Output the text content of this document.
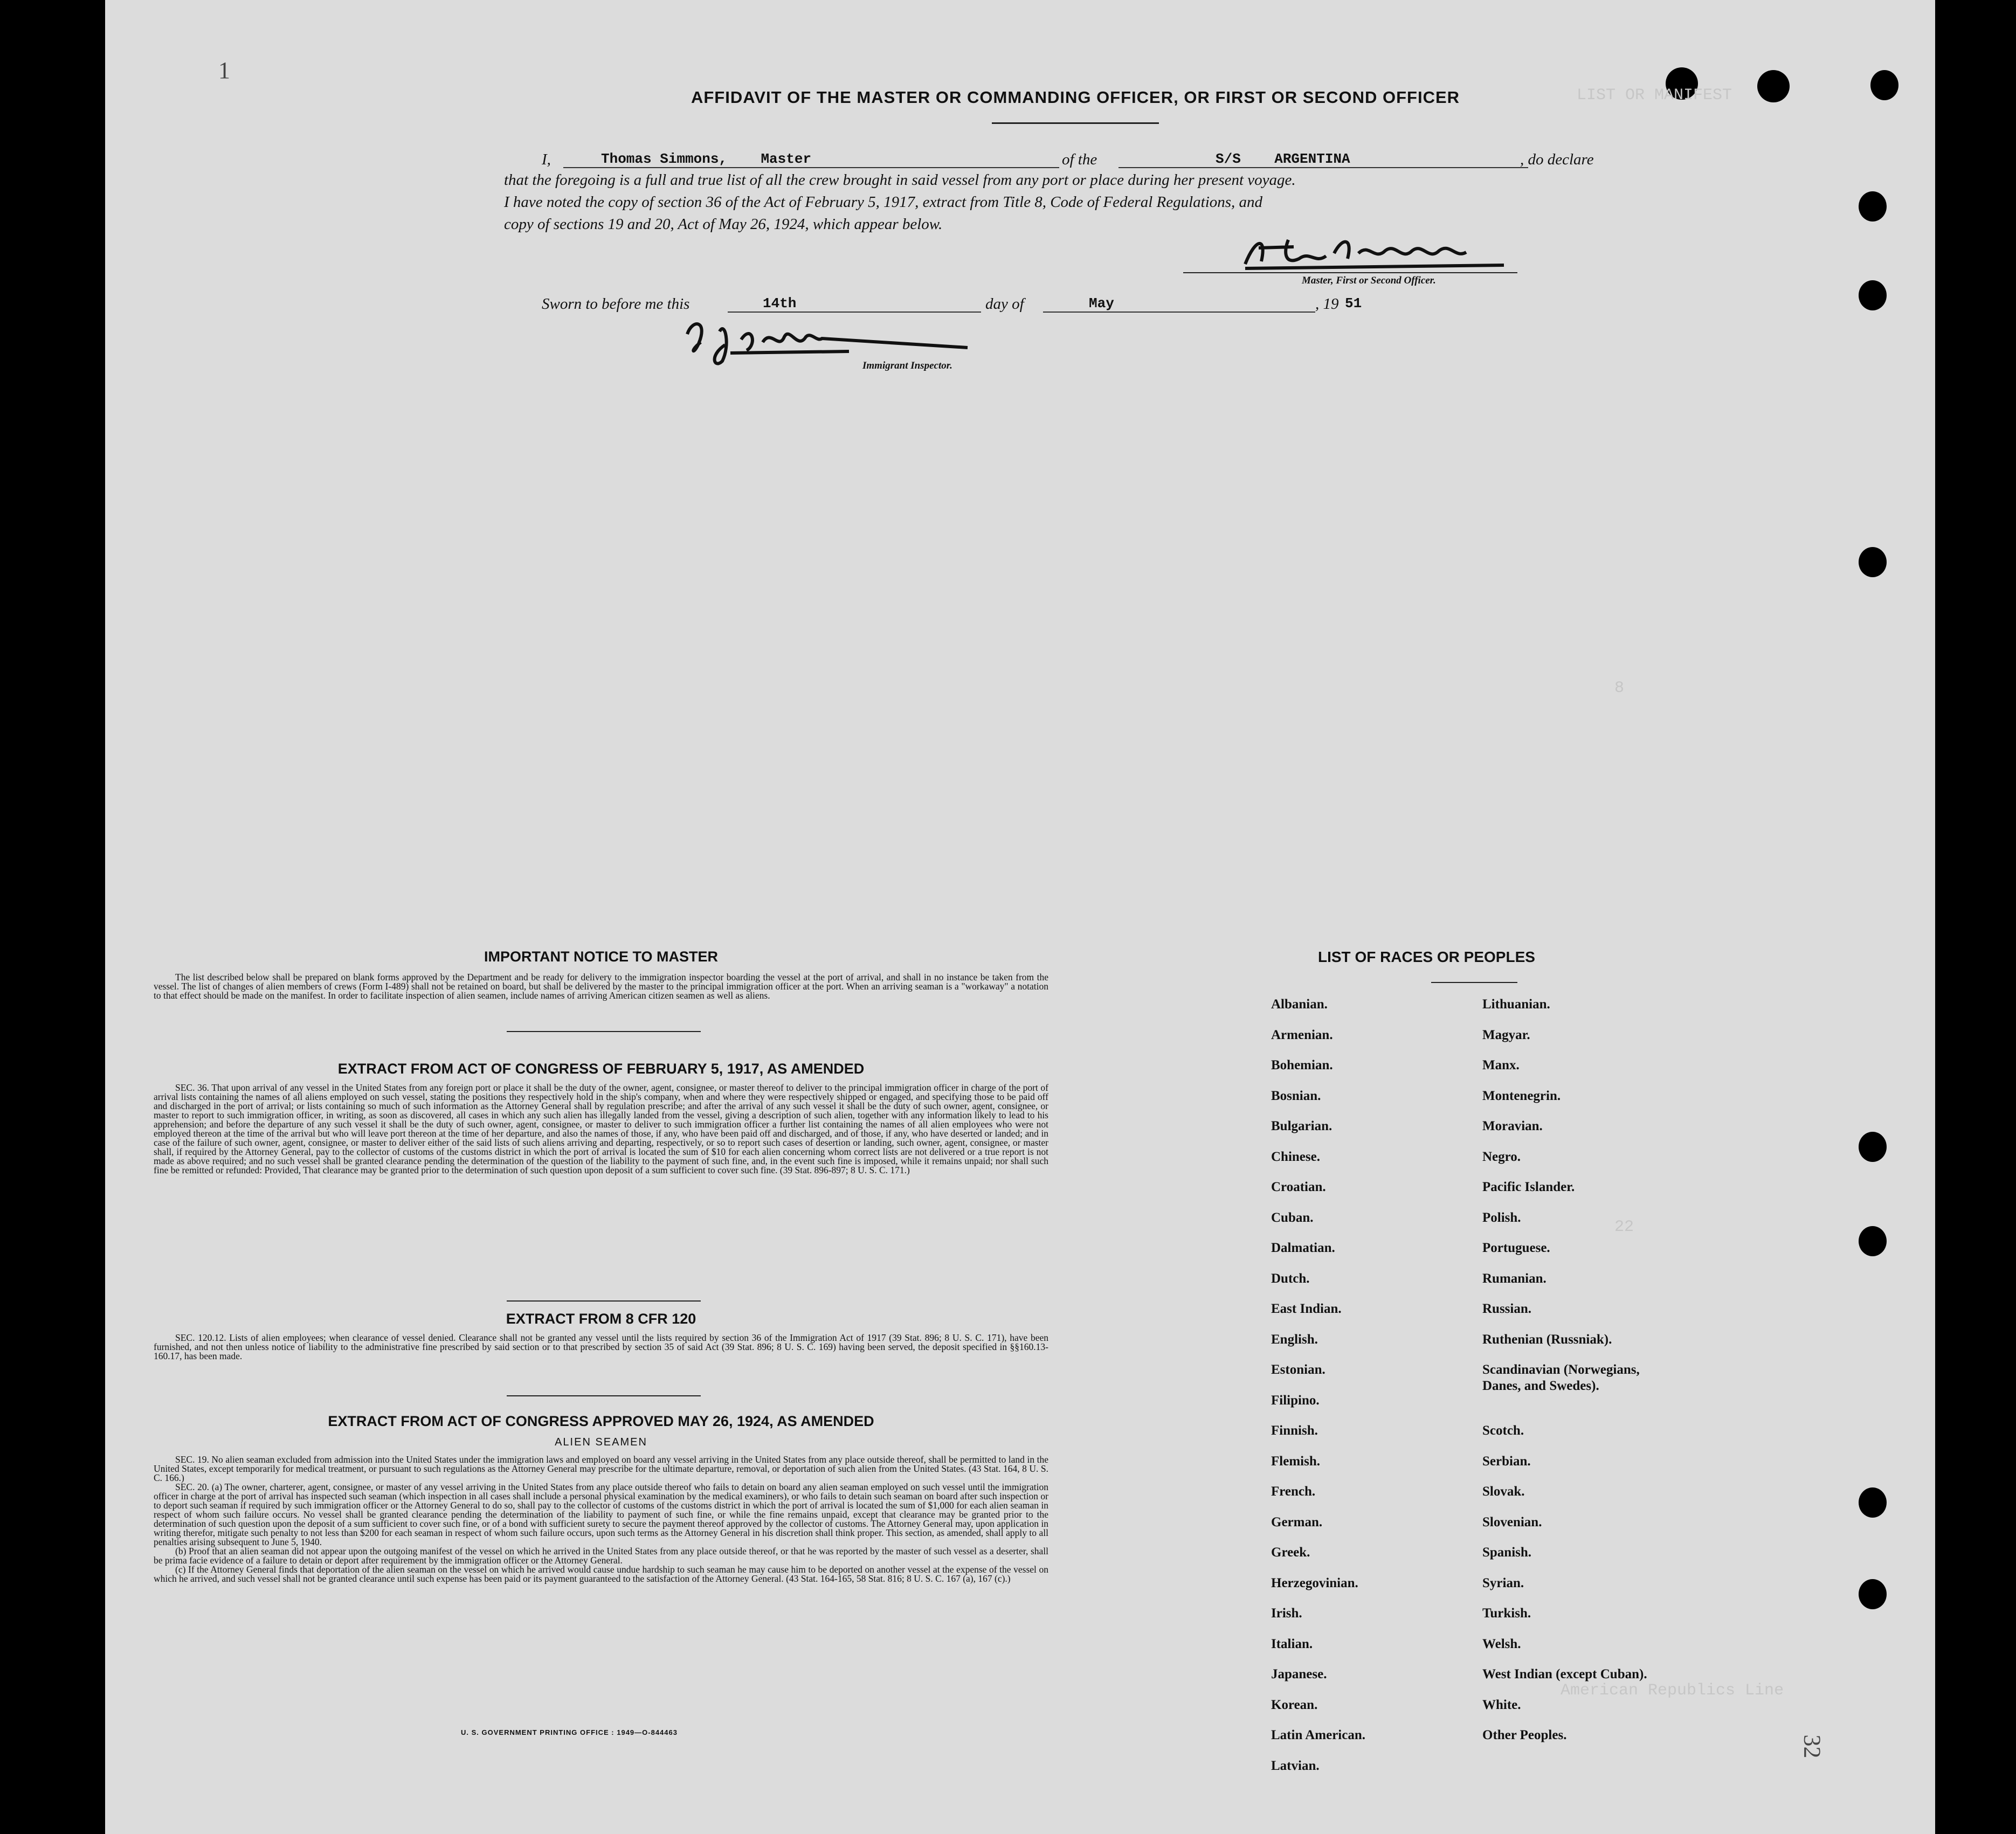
LIST OR MANIFEST
8
22
American Republics Line
1
32
AFFIDAVIT OF THE MASTER OR COMMANDING OFFICER, OR FIRST OR SECOND OFFICER
I,	Thomas Simmons,    Master	of the	S/S    ARGENTINA	, do declare
that the foregoing is a full and true list of all the crew brought in said vessel from any port or place during her present voyage.
I have noted the copy of section 36 of the Act of February 5, 1917, extract from Title 8, Code of Federal Regulations, and
copy of sections 19 and 20, Act of May 26, 1924, which appear below.
Master, First or Second Officer.
Sworn to before me this	14th	day of	May	, 19 51
Immigrant Inspector.
IMPORTANT NOTICE TO MASTER

The list described below shall be prepared on blank forms approved by the Department and be ready for delivery to the immigration inspector boarding the vessel at the port of arrival, and shall in no instance be taken from the vessel. The list of changes of alien members of crews (Form I-489) shall not be retained on board, but shall be delivered by the master to the principal immigration officer at the port. When an arriving seaman is a "workaway" a notation to that effect should be made on the manifest. In order to facilitate inspection of alien seamen, include names of arriving American citizen seamen as well as aliens.

EXTRACT FROM ACT OF CONGRESS OF FEBRUARY 5, 1917, AS AMENDED

SEC. 36. That upon arrival of any vessel in the United States from any foreign port or place it shall be the duty of the owner, agent, consignee, or master thereof to deliver to the principal immigration officer in charge of the port of arrival lists containing the names of all aliens employed on such vessel, stating the positions they respectively hold in the ship's company, when and where they were respectively shipped or engaged, and specifying those to be paid off and discharged in the port of arrival; or lists containing so much of such information as the Attorney General shall by regulation prescribe; and after the arrival of any such vessel it shall be the duty of such owner, agent, consignee, or master to report to such immigration officer, in writing, as soon as discovered, all cases in which any such alien has illegally landed from the vessel, giving a description of such alien, together with any information likely to lead to his apprehension; and before the departure of any such vessel it shall be the duty of such owner, agent, consignee, or master to deliver to such immigration officer a further list containing the names of all alien employees who were not employed thereon at the time of the arrival but who will leave port thereon at the time of her departure, and also the names of those, if any, who have been paid off and discharged, and of those, if any, who have deserted or landed; and in case of the failure of such owner, agent, consignee, or master to deliver either of the said lists of such aliens arriving and departing, respectively, or so to report such cases of desertion or landing, such owner, agent, consignee, or master shall, if required by the Attorney General, pay to the collector of customs of the customs district in which the port of arrival is located the sum of $10 for each alien concerning whom correct lists are not delivered or a true report is not made as above required; and no such vessel shall be granted clearance pending the determination of the question of the liability to the payment of such fine, and, in the event such fine is imposed, while it remains unpaid; nor shall such fine be remitted or refunded: Provided, That clearance may be granted prior to the determination of such question upon deposit of a sum sufficient to cover such fine. (39 Stat. 896-897; 8 U. S. C. 171.)

EXTRACT FROM 8 CFR 120

SEC. 120.12. Lists of alien employees; when clearance of vessel denied. Clearance shall not be granted any vessel until the lists required by section 36 of the Immigration Act of 1917 (39 Stat. 896; 8 U. S. C. 171), have been furnished, and not then unless notice of liability to the administrative fine prescribed by said section or to that prescribed by section 35 of said Act (39 Stat. 896; 8 U. S. C. 169) having been served, the deposit specified in §§160.13-160.17, has been made.

EXTRACT FROM ACT OF CONGRESS APPROVED MAY 26, 1924, AS AMENDED
ALIEN SEAMEN

SEC. 19. No alien seaman excluded from admission into the United States under the immigration laws and employed on board any vessel arriving in the United States from any place outside thereof, shall be permitted to land in the United States, except temporarily for medical treatment, or pursuant to such regulations as the Attorney General may prescribe for the ultimate departure, removal, or deportation of such alien from the United States. (43 Stat. 164, 8 U. S. C. 166.)

SEC. 20. (a) The owner, charterer, agent, consignee, or master of any vessel arriving in the United States from any place outside thereof who fails to detain on board any alien seaman employed on such vessel until the immigration officer in charge at the port of arrival has inspected such seaman (which inspection in all cases shall include a personal physical examination by the medical examiners), or who fails to detain such seaman on board after such inspection or to deport such seaman if required by such immigration officer or the Attorney General to do so, shall pay to the collector of customs of the customs district in which the port of arrival is located the sum of $1,000 for each alien seaman in respect of whom such failure occurs. No vessel shall be granted clearance pending the determination of the liability to payment of such fine, or while the fine remains unpaid, except that clearance may be granted prior to the determination of such question upon the deposit of a sum sufficient to cover such fine, or of a bond with sufficient surety to secure the payment thereof approved by the collector of customs. The Attorney General may, upon application in writing therefor, mitigate such penalty to not less than $200 for each seaman in respect of whom such failure occurs, upon such terms as the Attorney General in his discretion shall think proper. This section, as amended, shall apply to all penalties arising subsequent to June 5, 1940.

(b) Proof that an alien seaman did not appear upon the outgoing manifest of the vessel on which he arrived in the United States from any place outside thereof, or that he was reported by the master of such vessel as a deserter, shall be prima facie evidence of a failure to detain or deport after requirement by the immigration officer or the Attorney General.

(c) If the Attorney General finds that deportation of the alien seaman on the vessel on which he arrived would cause undue hardship to such seaman he may cause him to be deported on another vessel at the expense of the vessel on which he arrived, and such vessel shall not be granted clearance until such expense has been paid or its payment guaranteed to the satisfaction of the Attorney General. (43 Stat. 164-165, 58 Stat. 816; 8 U. S. C. 167 (a), 167 (c).)

U. S. GOVERNMENT PRINTING OFFICE : 1949—O-844463
LIST OF RACES OR PEOPLES
Albanian.
Armenian.
Bohemian.
Bosnian.
Bulgarian.
Chinese.
Croatian.
Cuban.
Dalmatian.
Dutch.
East Indian.
English.
Estonian.
Filipino.
Finnish.
Flemish.
French.
German.
Greek.
Herzegovinian.
Irish.
Italian.
Japanese.
Korean.
Latin American.
Latvian.
Lithuanian.
Magyar.
Manx.
Montenegrin.
Moravian.
Negro.
Pacific Islander.
Polish.
Portuguese.
Rumanian.
Russian.
Ruthenian (Russniak).
Scandinavian (Norwegians,
Danes, and Swedes).
Scotch.
Serbian.
Slovak.
Slovenian.
Spanish.
Syrian.
Turkish.
Welsh.
West Indian (except Cuban).
White.
Other Peoples.
